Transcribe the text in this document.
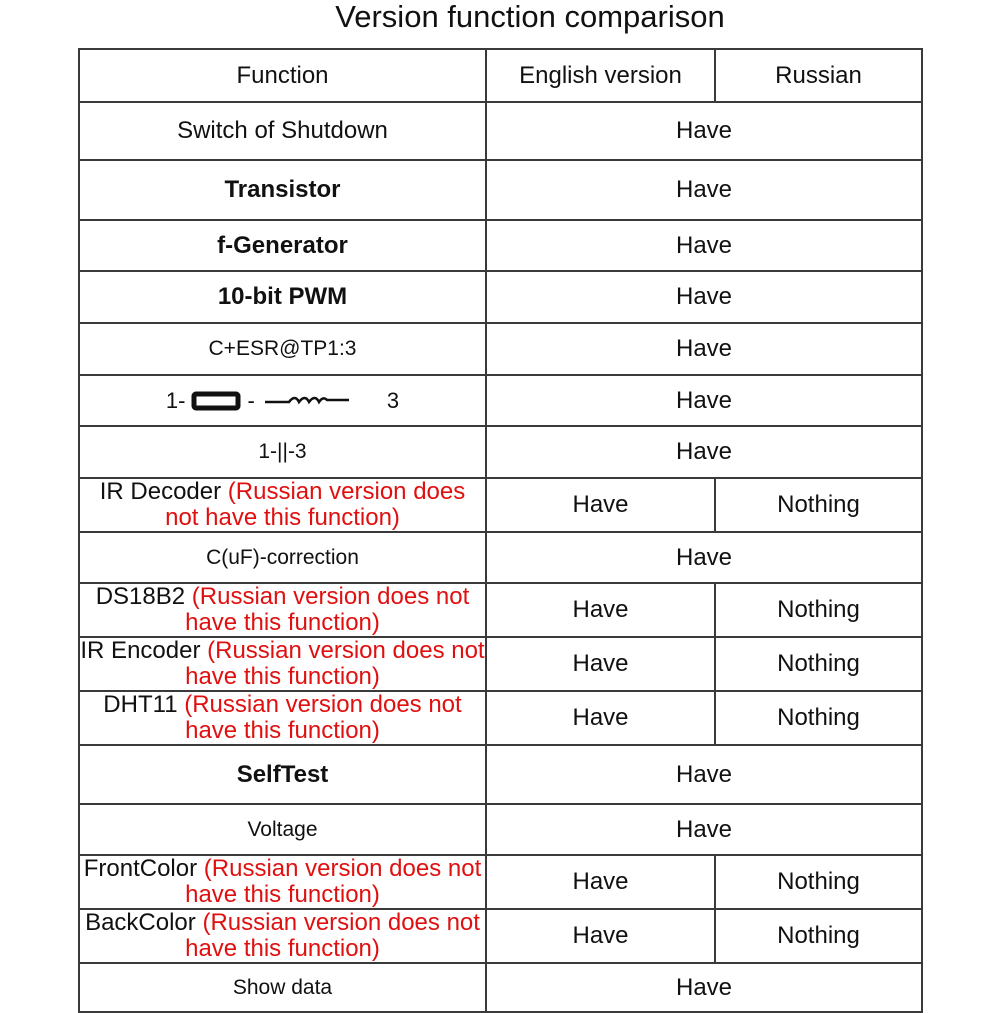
Version function comparison
Function	English version	Russian
Switch of Shutdown	Have	
Transistor	Have	
f-Generator	Have	
10-bit PWM	Have	
C+ESR@TP1:3	Have	

1- - 3	Have	
1-||-3	Have	
IR Decoder (Russian version does not have this function)	Have	Nothing
C(uF)-correction	Have	
DS18B2 (Russian version does not have this function)	Have	Nothing
IR Encoder (Russian version does not have this function)	Have	Nothing
DHT11 (Russian version does not have this function)	Have	Nothing
SelfTest	Have	
Voltage	Have	
FrontColor (Russian version does not have this function)	Have	Nothing
BackColor (Russian version does not have this function)	Have	Nothing
Show data	Have	
